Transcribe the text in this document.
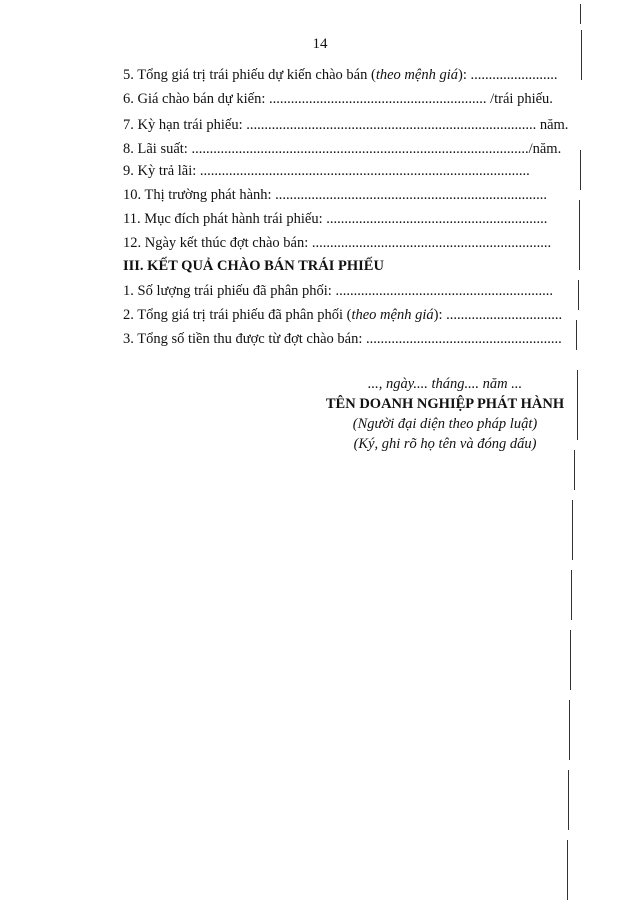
14
5. Tổng giá trị trái phiếu dự kiến chào bán (theo mệnh giá): ........................
6. Giá chào bán dự kiến: ............................................................ /trái phiếu.
7. Kỳ hạn trái phiếu: ................................................................................ năm.
8. Lãi suất: ............................................................................................./năm.
9. Kỳ trả lãi: ...........................................................................................
10. Thị trường phát hành: ...........................................................................
11. Mục đích phát hành trái phiếu: .............................................................
12. Ngày kết thúc đợt chào bán: ..................................................................
III. KẾT QUẢ CHÀO BÁN TRÁI PHIẾU
1. Số lượng trái phiếu đã phân phối: ............................................................
2. Tổng giá trị trái phiếu đã phân phối (theo mệnh giá): ................................
3. Tổng số tiền thu được từ đợt chào bán: ......................................................
..., ngày.... tháng.... năm ...
TÊN DOANH NGHIỆP PHÁT HÀNH
(Người đại diện theo pháp luật)
(Ký, ghi rõ họ tên và đóng dấu)
